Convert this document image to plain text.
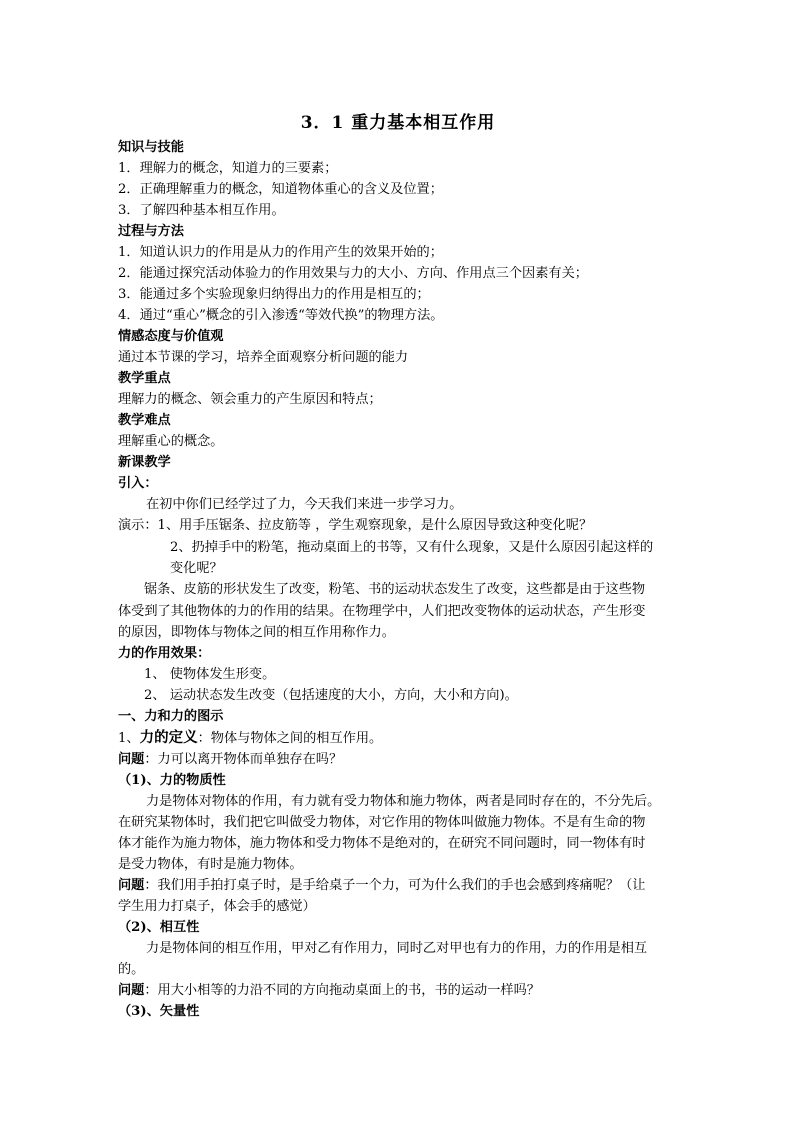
3．1 重力基本相互作用
知识与技能
1．理解力的概念，知道力的三要素；
2．正确理解重力的概念，知道物体重心的含义及位置；
3．了解四种基本相互作用。
过程与方法
1．知道认识力的作用是从力的作用产生的效果开始的；
2．能通过探究活动体验力的作用效果与力的大小、方向、作用点三个因素有关；
3．能通过多个实验现象归纳得出力的作用是相互的；
4．通过“重心”概念的引入渗透“等效代换”的物理方法。
情感态度与价值观
通过本节课的学习，培养全面观察分析问题的能力
教学重点
理解力的概念、领会重力的产生原因和特点；
教学难点
理解重心的概念。
新课教学
引入：
在初中你们已经学过了力，今天我们来进一步学习力。
演示：1、用手压锯条、拉皮筋等 ，学生观察现象，是什么原因导致这种变化呢？
2、扔掉手中的粉笔，拖动桌面上的书等，又有什么现象，又是什么原因引起这样的
变化呢？
锯条、皮筋的形状发生了改变，粉笔、书的运动状态发生了改变，这些都是由于这些物
体受到了其他物体的力的作用的结果。在物理学中，人们把改变物体的运动状态，产生形变
的原因，即物体与物体之间的相互作用称作力。
力的作用效果：
1、 使物体发生形变。
2、 运动状态发生改变（包括速度的大小，方向，大小和方向)。
一、力和力的图示
1、力的定义：物体与物体之间的相互作用。
问题：力可以离开物体而单独存在吗？
（1)、力的物质性
力是物体对物体的作用，有力就有受力物体和施力物体，两者是同时存在的，不分先后。
在研究某物体时，我们把它叫做受力物体，对它作用的物体叫做施力物体。不是有生命的物
体才能作为施力物体，施力物体和受力物体不是绝对的，在研究不同问题时，同一物体有时
是受力物体，有时是施力物体。
问题：我们用手拍打桌子时，是手给桌子一个力，可为什么我们的手也会感到疼痛呢？（让
学生用力打桌子，体会手的感觉）
（2)、相互性
力是物体间的相互作用，甲对乙有作用力，同时乙对甲也有力的作用，力的作用是相互
的。
问题：用大小相等的力沿不同的方向拖动桌面上的书，书的运动一样吗？
（3)、矢量性
